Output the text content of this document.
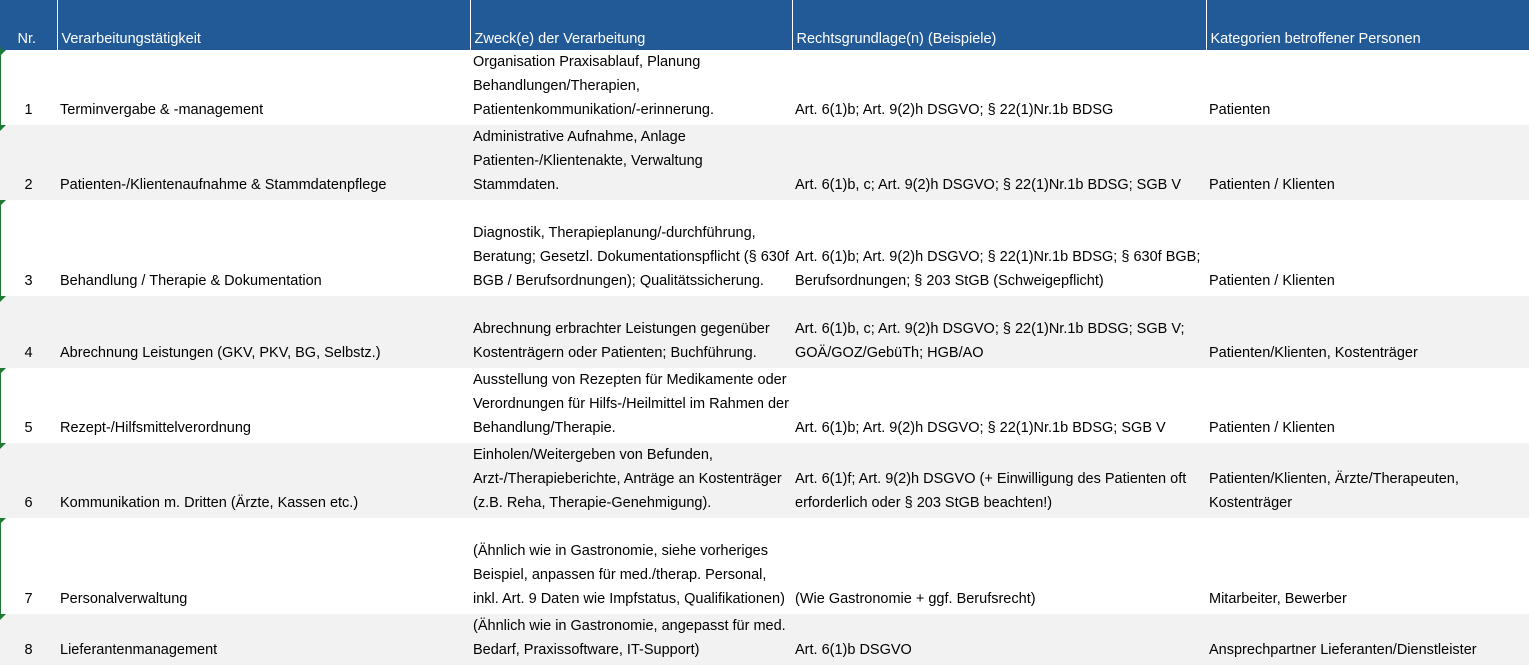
Nr.	Verarbeitungstätigkeit	Zweck(e) der Verarbeitung	Rechtsgrundlage(n) (Beispiele)	Kategorien betroffener Personen
1	Terminvergabe & -management	Organisation Praxisablauf, Planung Behandlungen/Therapien, Patientenkommunikation/-erinnerung.	Art. 6(1)b; Art. 9(2)h DSGVO; § 22(1)Nr.1b BDSG	Patienten
2	Patienten-/Klientenaufnahme & Stammdatenpflege	Administrative Aufnahme, Anlage Patienten-/Klientenakte, Verwaltung Stammdaten.	Art. 6(1)b, c; Art. 9(2)h DSGVO; § 22(1)Nr.1b BDSG; SGB V	Patienten / Klienten
3	Behandlung / Therapie & Dokumentation	Diagnostik, Therapieplanung/-durchführung, Beratung; Gesetzl. Dokumentationspflicht (§ 630f BGB / Berufsordnungen); Qualitätssicherung.	Art. 6(1)b; Art. 9(2)h DSGVO; § 22(1)Nr.1b BDSG; § 630f BGB; Berufsordnungen; § 203 StGB (Schweigepflicht)	Patienten / Klienten
4	Abrechnung Leistungen (GKV, PKV, BG, Selbstz.)	Abrechnung erbrachter Leistungen gegenüber Kostenträgern oder Patienten; Buchführung.	Art. 6(1)b, c; Art. 9(2)h DSGVO; § 22(1)Nr.1b BDSG; SGB V; GOÄ/GOZ/GebüTh; HGB/AO	Patienten/Klienten, Kostenträger
5	Rezept-/Hilfsmittelverordnung	Ausstellung von Rezepten für Medikamente oder Verordnungen für Hilfs-/Heilmittel im Rahmen der Behandlung/Therapie.	Art. 6(1)b; Art. 9(2)h DSGVO; § 22(1)Nr.1b BDSG; SGB V	Patienten / Klienten
6	Kommunikation m. Dritten (Ärzte, Kassen etc.)	Einholen/Weitergeben von Befunden, Arzt-/Therapieberichte, Anträge an Kostenträger (z.B. Reha, Therapie-Genehmigung).	Art. 6(1)f; Art. 9(2)h DSGVO (+ Einwilligung des Patienten oft erforderlich oder § 203 StGB beachten!)	Patienten/Klienten, Ärzte/Therapeuten, Kostenträger
7	Personalverwaltung	(Ähnlich wie in Gastronomie, siehe vorheriges Beispiel, anpassen für med./therap. Personal, inkl. Art. 9 Daten wie Impfstatus, Qualifikationen)	(Wie Gastronomie + ggf. Berufsrecht)	Mitarbeiter, Bewerber
8	Lieferantenmanagement	(Ähnlich wie in Gastronomie, angepasst für med. Bedarf, Praxissoftware, IT-Support)	Art. 6(1)b DSGVO	Ansprechpartner Lieferanten/Dienstleister
